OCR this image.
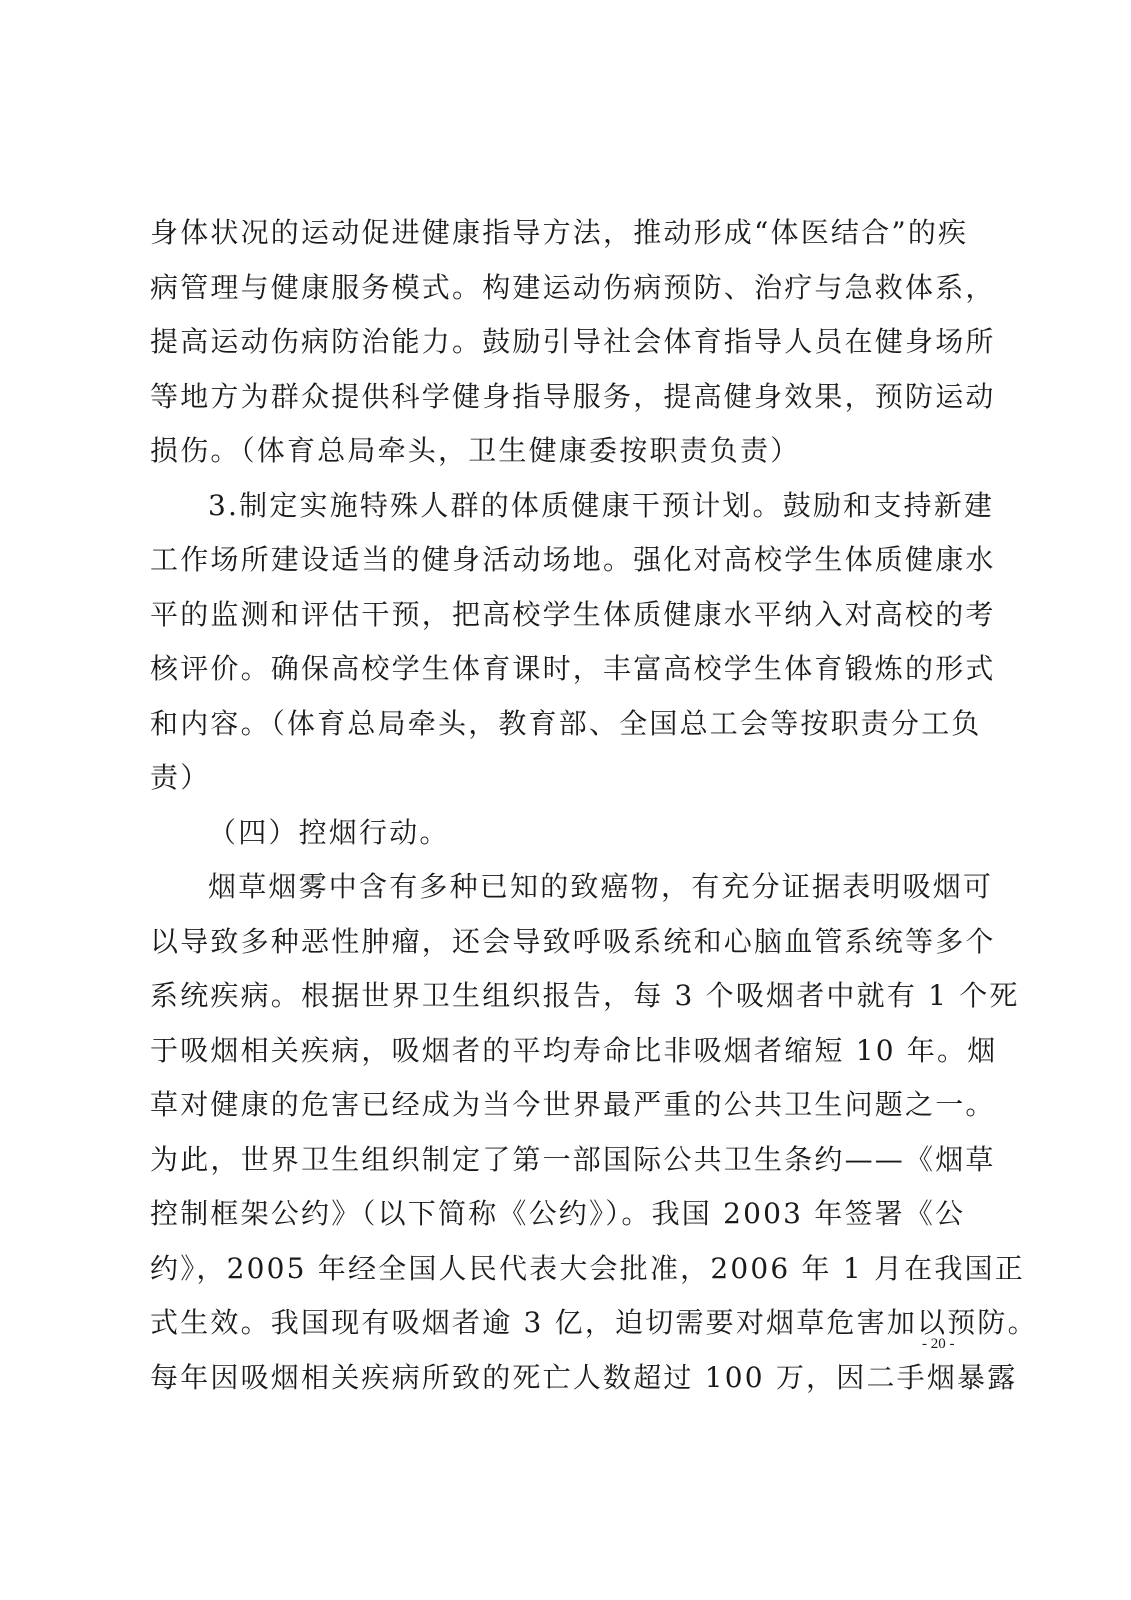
身体状况的运动促进健康指导方法，推动形成“体医结合”的疾
病管理与健康服务模式。构建运动伤病预防、治疗与急救体系，
提高运动伤病防治能力。鼓励引导社会体育指导人员在健身场所
等地方为群众提供科学健身指导服务，提高健身效果，预防运动
损伤。（体育总局牵头，卫生健康委按职责负责）
3.制定实施特殊人群的体质健康干预计划。鼓励和支持新建
工作场所建设适当的健身活动场地。强化对高校学生体质健康水
平的监测和评估干预，把高校学生体质健康水平纳入对高校的考
核评价。确保高校学生体育课时，丰富高校学生体育锻炼的形式
和内容。（体育总局牵头，教育部、全国总工会等按职责分工负
责）
（四）控烟行动。
烟草烟雾中含有多种已知的致癌物，有充分证据表明吸烟可
以导致多种恶性肿瘤，还会导致呼吸系统和心脑血管系统等多个
系统疾病。根据世界卫生组织报告，每 3 个吸烟者中就有 1 个死
于吸烟相关疾病，吸烟者的平均寿命比非吸烟者缩短 10 年。烟
草对健康的危害已经成为当今世界最严重的公共卫生问题之一。
为此，世界卫生组织制定了第一部国际公共卫生条约——《烟草
控制框架公约》（以下简称《公约》）。我国 2003 年签署《公
约》，2005 年经全国人民代表大会批准，2006 年 1 月在我国正
式生效。我国现有吸烟者逾 3 亿，迫切需要对烟草危害加以预防。
每年因吸烟相关疾病所致的死亡人数超过 100 万，因二手烟暴露
- 20 -
